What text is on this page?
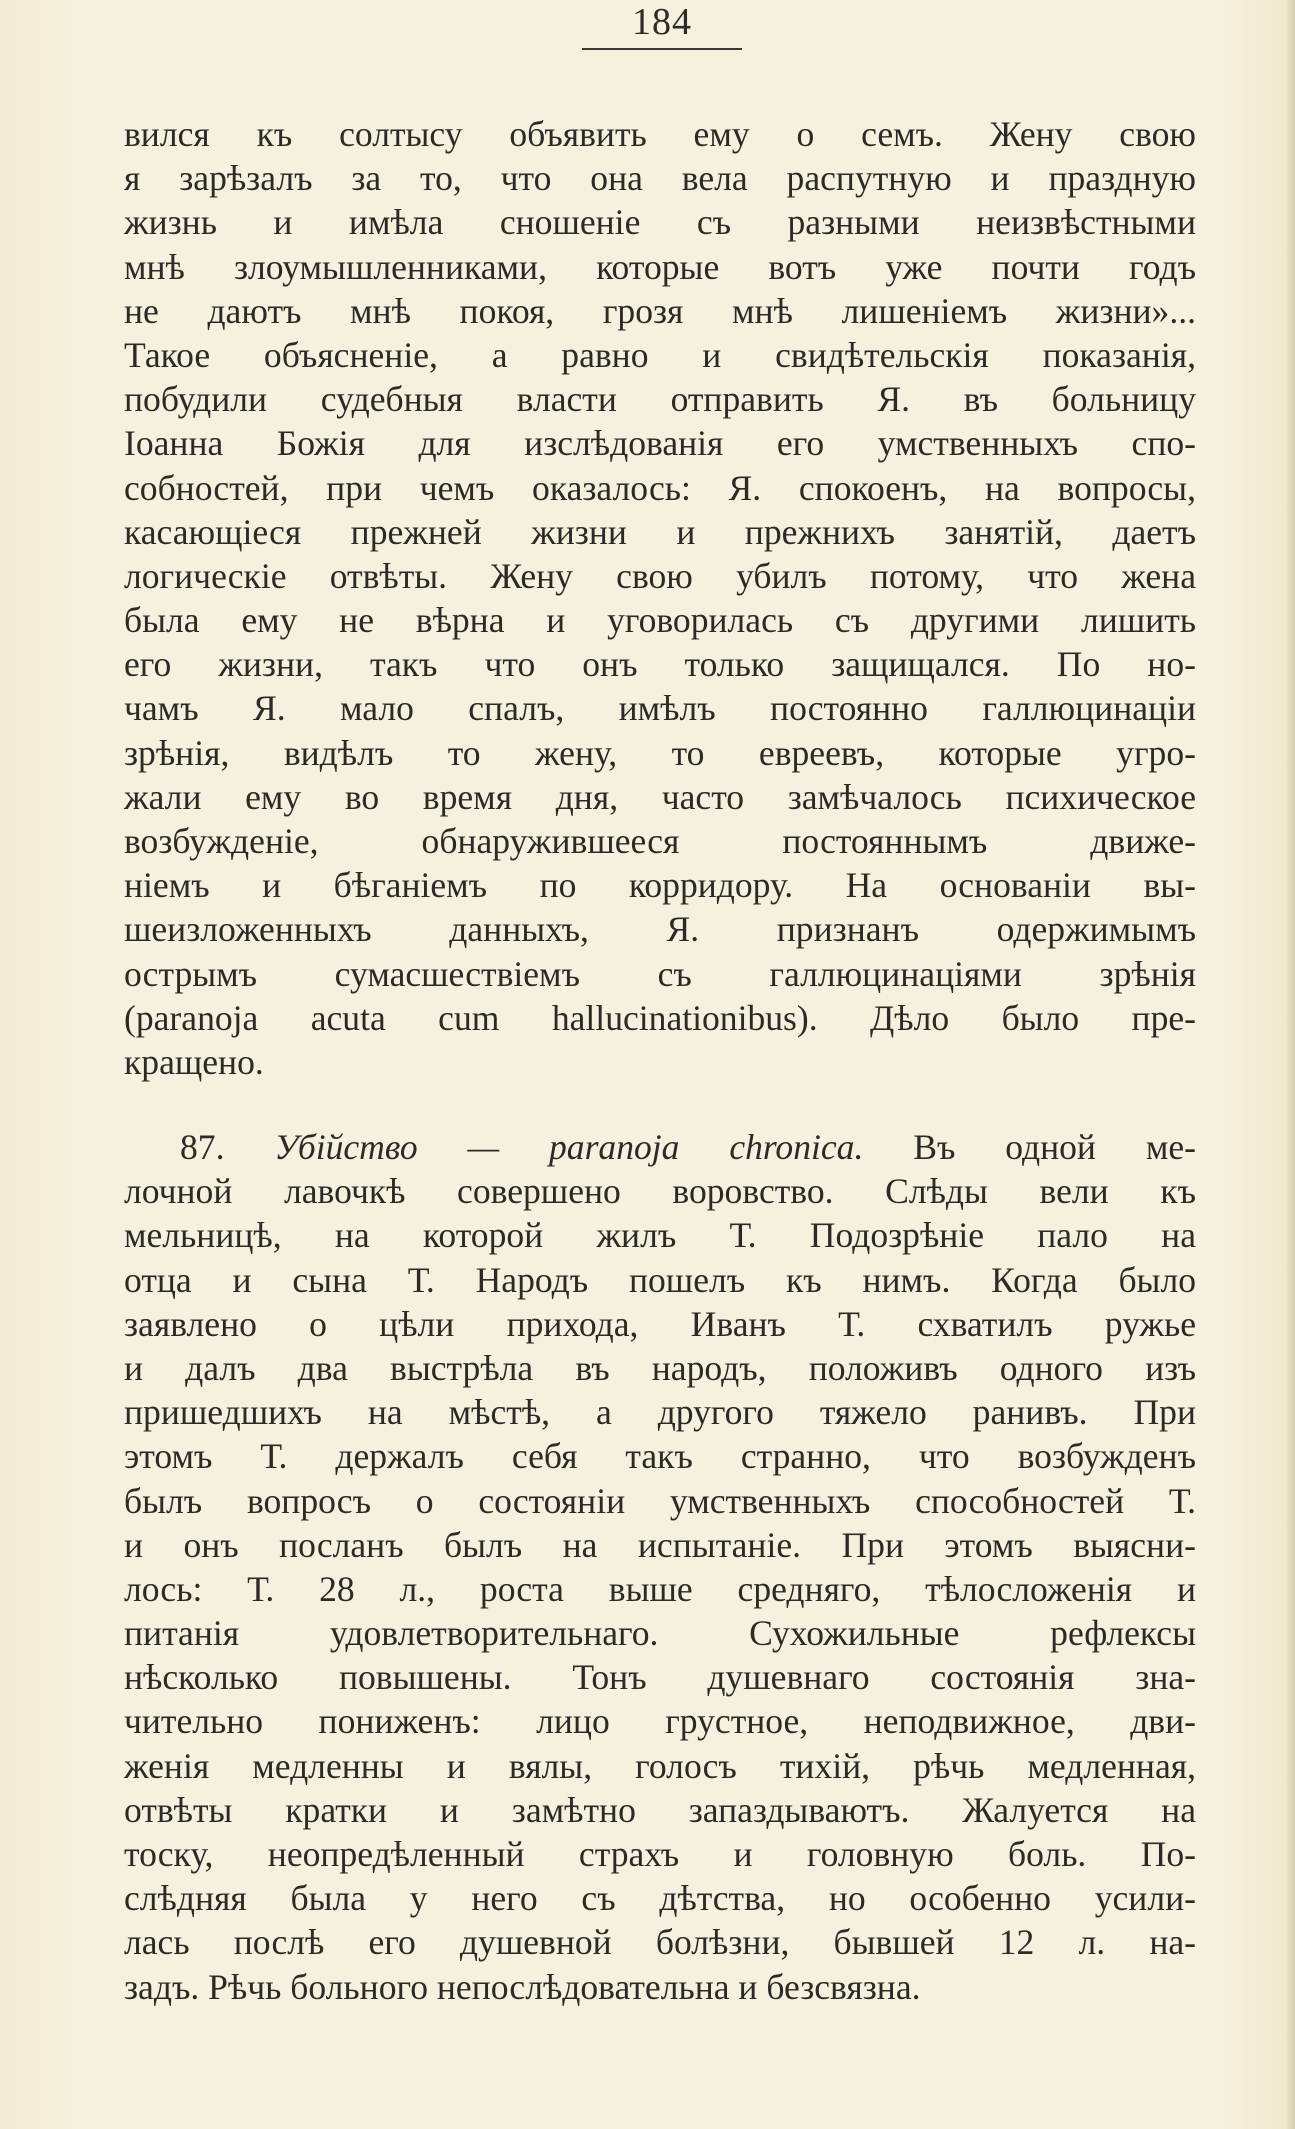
184
вился къ солтысу объявить ему о семъ. Жену свою
я зарѣзалъ за то, что она вела распутную и праздную
жизнь и имѣла сношеніе съ разными неизвѣстными
мнѣ злоумышленниками, которые вотъ уже почти годъ
не даютъ мнѣ покоя, грозя мнѣ лишеніемъ жизни»...
Такое объясненіе, а равно и свидѣтельскія показанія,
побудили судебныя власти отправить Я. въ больницу
Іоанна Божія для изслѣдованія его умственныхъ спо-
собностей, при чемъ оказалось: Я. спокоенъ, на вопросы,
касающіеся прежней жизни и прежнихъ занятій, даетъ
логическіе отвѣты. Жену свою убилъ потому, что жена
была ему не вѣрна и уговорилась съ другими лишить
его жизни, такъ что онъ только защищался. По но-
чамъ Я. мало спалъ, имѣлъ постоянно галлюцинаціи
зрѣнія, видѣлъ то жену, то евреевъ, которые угро-
жали ему во время дня, часто замѣчалось психическое
возбужденіе, обнаружившееся постояннымъ движе-
ніемъ и бѣганіемъ по корридору. На основаніи вы-
шеизложенныхъ данныхъ, Я. признанъ одержимымъ
острымъ сумасшествіемъ съ галлюцинаціями зрѣнія
(paranoja acuta cum hallucinationibus). Дѣло было пре-
кращено.
87. Убійство — paranoja chronica. Въ одной ме-
лочной лавочкѣ совершено воровство. Слѣды вели къ
мельницѣ, на которой жилъ Т. Подозрѣніе пало на
отца и сына Т. Народъ пошелъ къ нимъ. Когда было
заявлено о цѣли прихода, Иванъ Т. схватилъ ружье
и далъ два выстрѣла въ народъ, положивъ одного изъ
пришедшихъ на мѣстѣ, а другого тяжело ранивъ. При
этомъ Т. держалъ себя такъ странно, что возбужденъ
былъ вопросъ о состояніи умственныхъ способностей Т.
и онъ посланъ былъ на испытаніе. При этомъ выясни-
лось: Т. 28 л., роста выше средняго, тѣлосложенія и
питанія удовлетворительнаго. Сухожильные рефлексы
нѣсколько повышены. Тонъ душевнаго состоянія зна-
чительно пониженъ: лицо грустное, неподвижное, дви-
женія медленны и вялы, голосъ тихій, рѣчь медленная,
отвѣты кратки и замѣтно запаздываютъ. Жалуется на
тоску, неопредѣленный страхъ и головную боль. По-
слѣдняя была у него съ дѣтства, но особенно усили-
лась послѣ его душевной болѣзни, бывшей 12 л. на-
задъ. Рѣчь больного непослѣдовательна и безсвязна.
